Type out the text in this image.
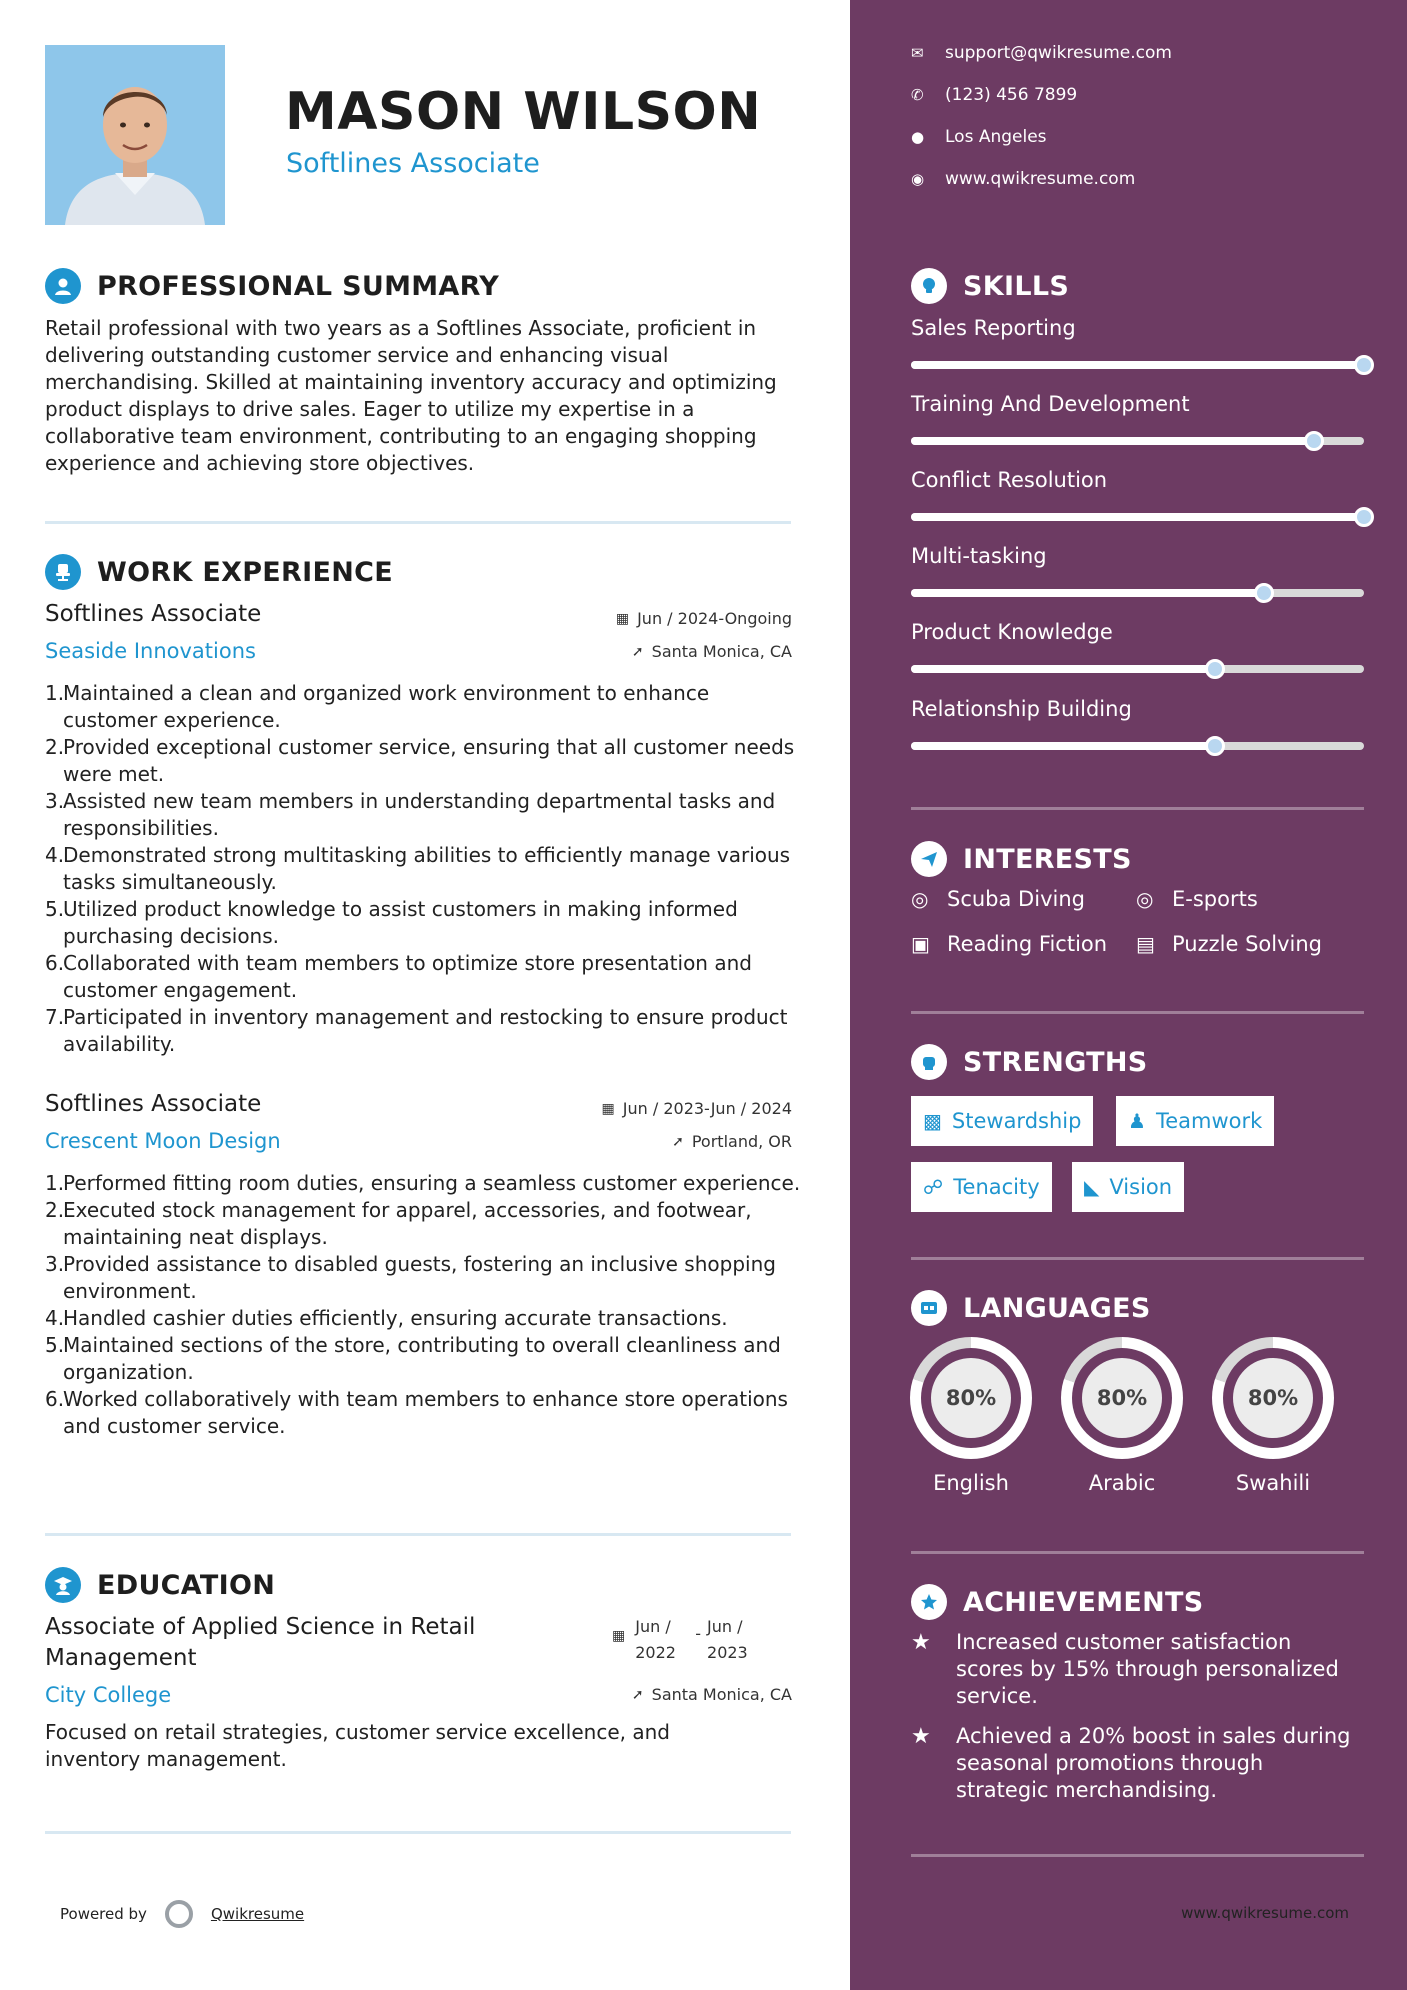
MASON WILSON
Softlines Associate
PROFESSIONAL SUMMARY
Retail professional with two years as a Softlines Associate, proficient in delivering outstanding customer service and enhancing visual merchandising. Skilled at maintaining inventory accuracy and optimizing product displays to drive sales. Eager to utilize my expertise in a collaborative team environment, contributing to an engaging shopping experience and achieving store objectives.
WORK EXPERIENCE
Softlines Associate	▦ Jun / 2024-Ongoing
Seaside Innovations	➚ Santa Monica, CA
1.
Maintained a clean and organized work environment to enhance customer experience.
2.
Provided exceptional customer service, ensuring that all customer needs were met.
3.
Assisted new team members in understanding departmental tasks and responsibilities.
4.
Demonstrated strong multitasking abilities to efficiently manage various tasks simultaneously.
5.
Utilized product knowledge to assist customers in making informed purchasing decisions.
6.
Collaborated with team members to optimize store presentation and customer engagement.
7.
Participated in inventory management and restocking to ensure product availability.
Softlines Associate	▦ Jun / 2023-Jun / 2024
Crescent Moon Design	➚ Portland, OR
1.
Performed fitting room duties, ensuring a seamless customer experience.
2.
Executed stock management for apparel, accessories, and footwear, maintaining neat displays.
3.
Provided assistance to disabled guests, fostering an inclusive shopping environment.
4.
Handled cashier duties efficiently, ensuring accurate transactions.
5.
Maintained sections of the store, contributing to overall cleanliness and organization.
6.
Worked collaboratively with team members to enhance store operations and customer service.
EDUCATION
Associate of Applied Science in Retail Management
▦ Jun / 2022
- Jun / 2023
City College	➚ Santa Monica, CA
Focused on retail strategies, customer service excellence, and inventory management.
Powered by	Qwikresume
✉	support@qwikresume.com
✆	(123) 456 7899
●	Los Angeles
◉	www.qwikresume.com
SKILLS
Sales Reporting
Training And Development
Conflict Resolution
Multi-tasking
Product Knowledge
Relationship Building
INTERESTS
◎ Scuba Diving	◎ E-sports
▣ Reading Fiction ▤ Puzzle Solving
STRENGTHS
▩ Stewardship ♟ Teamwork
☍ Tenacity ◣ Vision
LANGUAGES
80%
English
80%
Arabic
80%
Swahili
ACHIEVEMENTS
★	Increased customer satisfaction scores by 15% through personalized service.
★	Achieved a 20% boost in sales during seasonal promotions through strategic merchandising.
www.qwikresume.com
